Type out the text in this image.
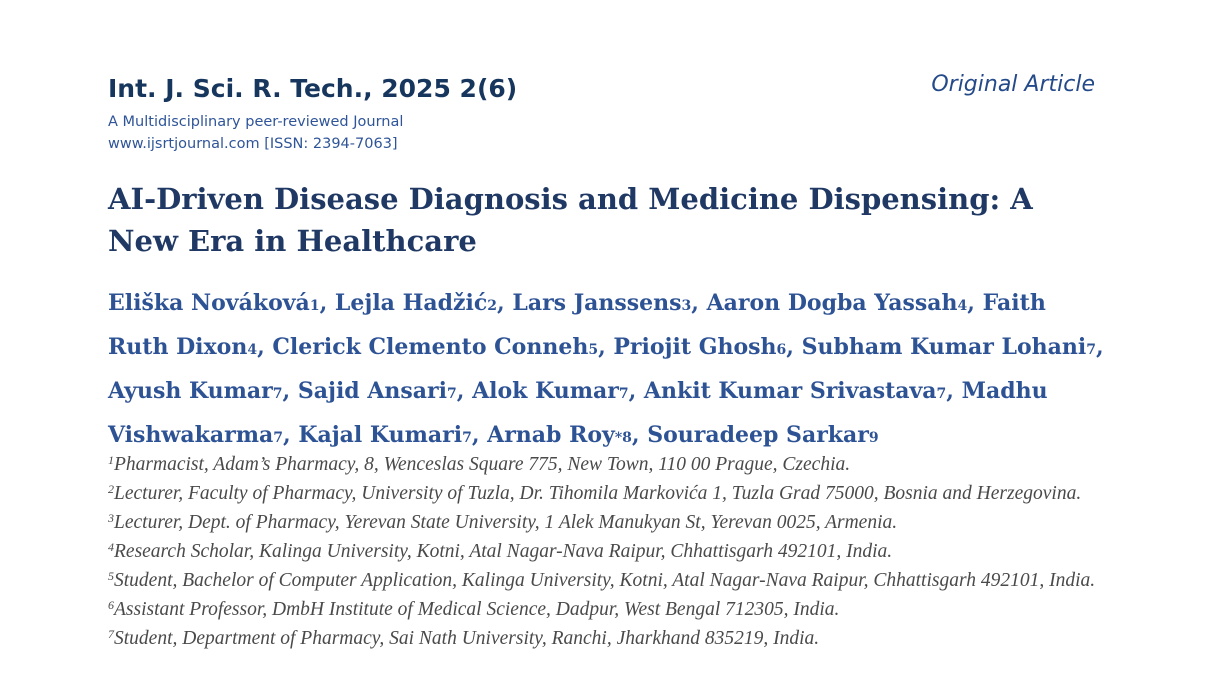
Int. J. Sci. R. Tech., 2025 2(6)	Original Article
A Multidisciplinary peer-reviewed Journal
www.ijsrtjournal.com [ISSN: 2394-7063]
AI-Driven Disease Diagnosis and Medicine Dispensing: A New Era in Healthcare
Eliška Nováková1, Lejla Hadžić2, Lars Janssens3, Aaron Dogba Yassah4, Faith Ruth Dixon4, Clerick Clemento Conneh5, Priojit Ghosh6, Subham Kumar Lohani7, Ayush Kumar7, Sajid Ansari7, Alok Kumar7, Ankit Kumar Srivastava7, Madhu Vishwakarma7, Kajal Kumari7, Arnab Roy*8, Souradeep Sarkar9
$^1$Pharmacist, Adam’s Pharmacy, 8, Wenceslas Square 775, New Town, 110 00 Prague, Czechia.
$^2$Lecturer, Faculty of Pharmacy, University of Tuzla, Dr. Tihomila Markovića 1, Tuzla Grad 75000, Bosnia and Herzegovina.
$^3$Lecturer, Dept. of Pharmacy, Yerevan State University, 1 Alek Manukyan St, Yerevan 0025, Armenia.
$^4$Research Scholar, Kalinga University, Kotni, Atal Nagar-Nava Raipur, Chhattisgarh 492101, India.
$^5$Student, Bachelor of Computer Application, Kalinga University, Kotni, Atal Nagar-Nava Raipur, Chhattisgarh 492101, India.
$^6$Assistant Professor, DmbH Institute of Medical Science, Dadpur, West Bengal 712305, India.
$^7$Student, Department of Pharmacy, Sai Nath University, Ranchi, Jharkhand 835219, India.
